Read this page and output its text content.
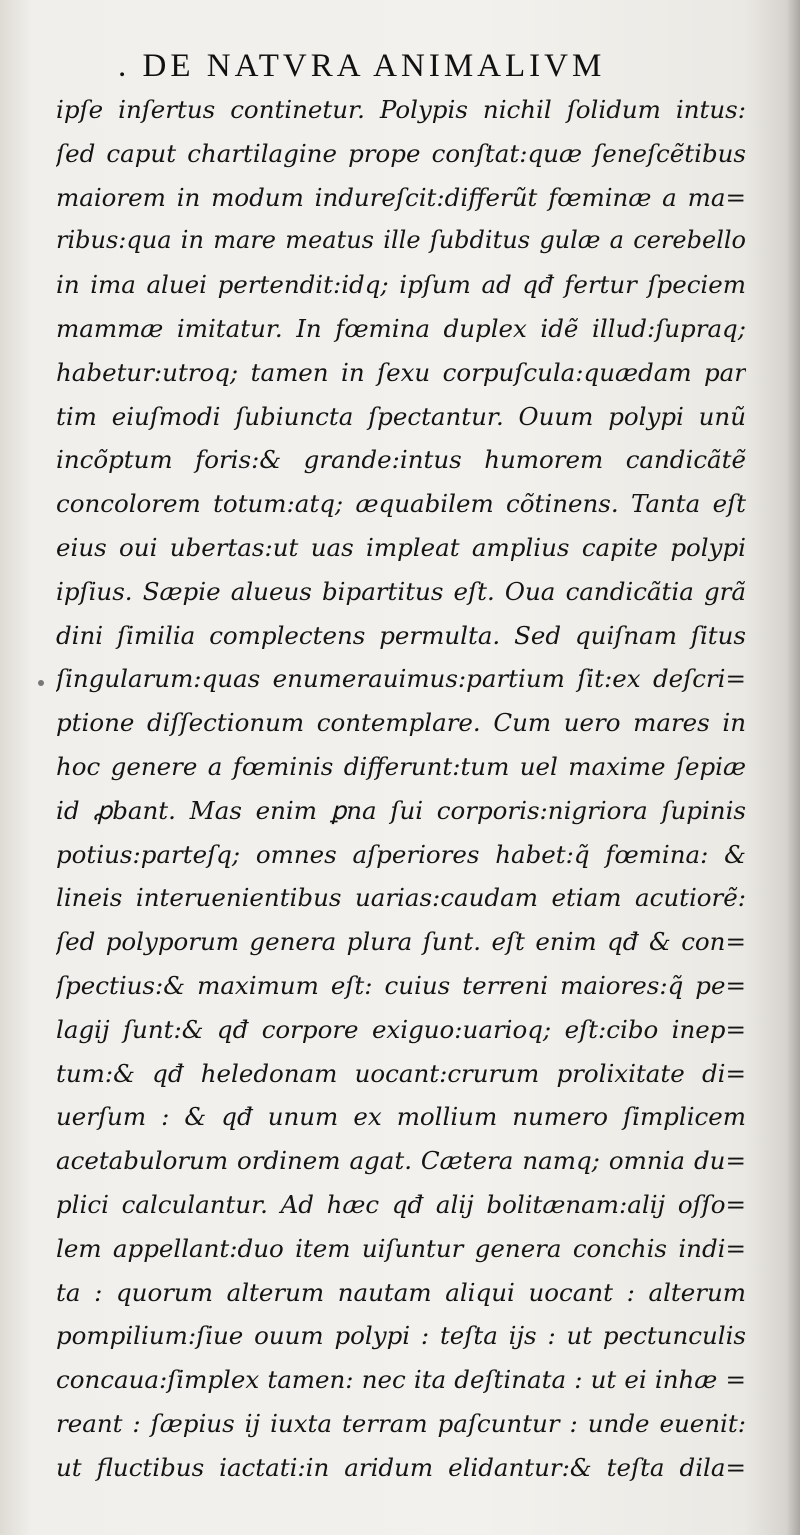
. DE NATVRA ANIMALIVM
ipſe inſertus continetur. Polypis nichil ſolidum intus:
ſed caput chartilagine prope conſtat:quæ ſeneſcẽtibus
maiorem in modum indureſcit:differũt fœminæ a ma=
ribus:qua in mare meatus ille ſubditus gulæ a cerebello
in ima aluei pertendit:idq; ipſum ad qđ fertur ſpeciem
mammæ imitatur. In fœmina duplex idẽ illud:ſupraq;
habetur:utroq; tamen in ſexu corpuſcula:quædam par
tim eiuſmodi ſubiuncta ſpectantur. Ouum polypi unũ
incõptum foris:& grande:intus humorem candicãtẽ
concolorem totum:atq; æquabilem cõtinens. Tanta eſt
eius oui ubertas:ut uas impleat amplius capite polypi
ipſius. Sæpie alueus bipartitus eſt. Oua candicãtia grã
dini ſimilia complectens permulta. Sed quiſnam ſitus
ſingularum:quas enumerauimus:partium ſit:ex deſcri=
ptione diſſectionum contemplare. Cum uero mares in
hoc genere a fœminis differunt:tum uel maxime ſepiæ
id ꝓbant. Mas enim ꝑna ſui corporis:nigriora ſupinis
potius:parteſq; omnes aſperiores habet:q̃ fœmina: &
lineis interuenientibus uarias:caudam etiam acutiorẽ:
ſed polyporum genera plura ſunt. eſt enim qđ & con=
ſpectius:& maximum eſt: cuius terreni maiores:q̃ pe=
lagij ſunt:& qđ corpore exiguo:uarioq; eſt:cibo inep=
tum:& qđ heledonam uocant:crurum prolixitate di=
uerſum : & qđ unum ex mollium numero ſimplicem
acetabulorum ordinem agat. Cætera namq; omnia du=
plici calculantur. Ad hæc qđ alij bolitænam:alij oſſo=
lem appellant:duo item uiſuntur genera conchis indi=
ta : quorum alterum nautam aliqui uocant : alterum
pompilium:ſiue ouum polypi : teſta ijs : ut pectunculis
concaua:ſimplex tamen: nec ita deſtinata : ut ei inhæ =
reant : ſæpius ij iuxta terram paſcuntur : unde euenit:
ut fluctibus iactati:in aridum elidantur:& teſta dila=
